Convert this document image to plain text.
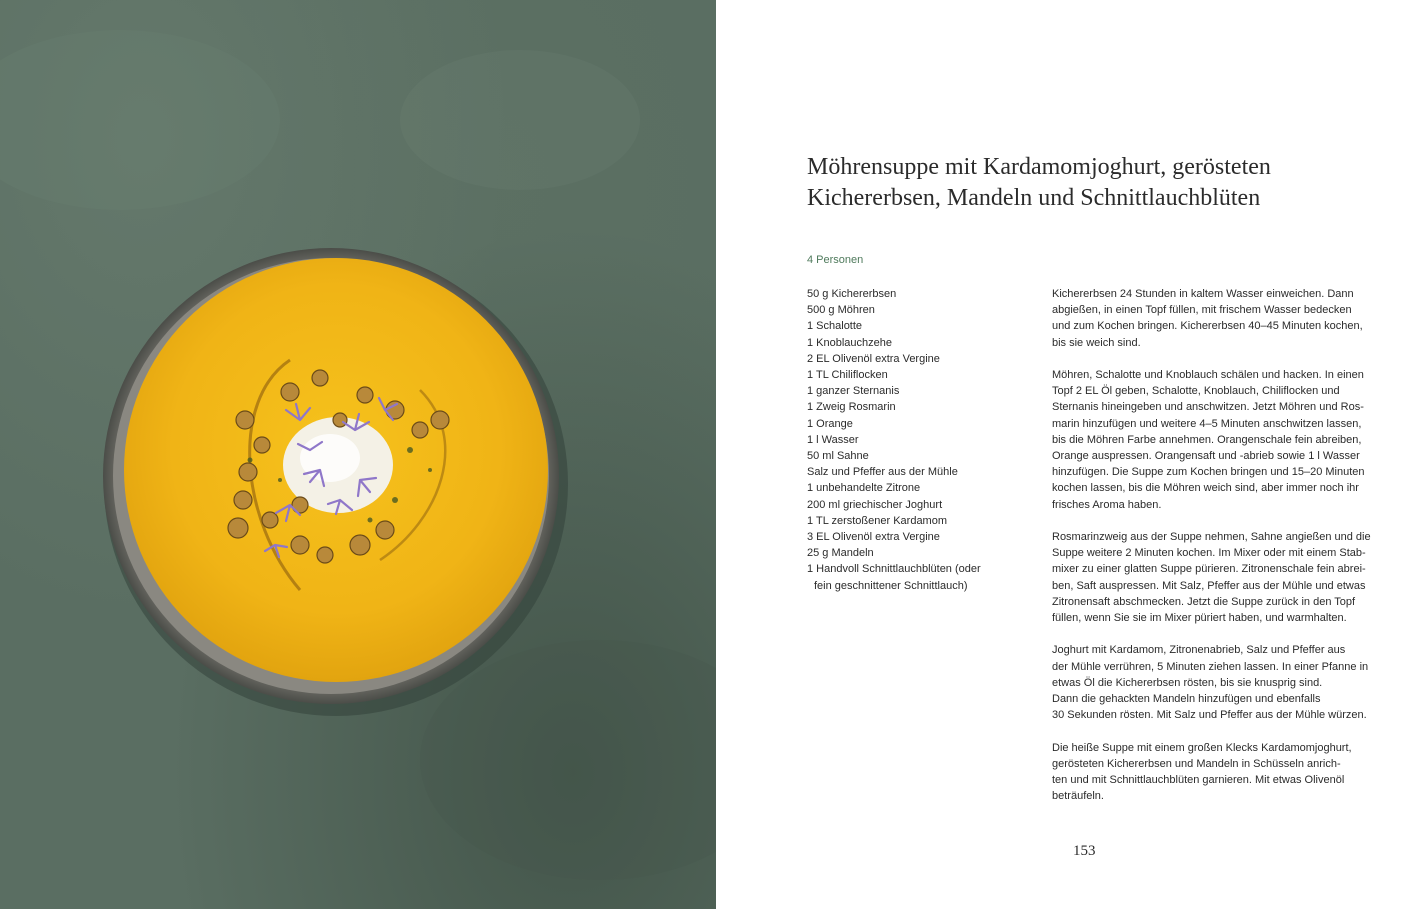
Möhrensuppe mit Kardamomjoghurt, gerösteten
Kichererbsen, Mandeln und Schnittlauchblüten
4 Personen
50 g Kichererbsen
500 g Möhren
1 Schalotte
1 Knoblauchzehe
2 EL Olivenöl extra Vergine
1 TL Chiliflocken
1 ganzer Sternanis
1 Zweig Rosmarin
1 Orange
1 l Wasser
50 ml Sahne
Salz und Pfeffer aus der Mühle
1 unbehandelte Zitrone
200 ml griechischer Joghurt
1 TL zerstoßener Kardamom
3 EL Olivenöl extra Vergine
25 g Mandeln
1 Handvoll Schnittlauchblüten (oder
fein geschnittener Schnittlauch)

Kichererbsen 24 Stunden in kaltem Wasser einweichen. Dann
abgießen, in einen Topf füllen, mit frischem Wasser bedecken
und zum Kochen bringen. Kichererbsen 40–45 Minuten kochen,
bis sie weich sind.

Möhren, Schalotte und Knoblauch schälen und hacken. In einen
Topf 2 EL Öl geben, Schalotte, Knoblauch, Chiliflocken und
Sternanis hineingeben und anschwitzen. Jetzt Möhren und Ros-
marin hinzufügen und weitere 4–5 Minuten anschwitzen lassen,
bis die Möhren Farbe annehmen. Orangenschale fein abreiben,
Orange auspressen. Orangensaft und -abrieb sowie 1 l Wasser
hinzufügen. Die Suppe zum Kochen bringen und 15–20 Minuten
kochen lassen, bis die Möhren weich sind, aber immer noch ihr
frisches Aroma haben.

Rosmarinzweig aus der Suppe nehmen, Sahne angießen und die
Suppe weitere 2 Minuten kochen. Im Mixer oder mit einem Stab-
mixer zu einer glatten Suppe pürieren. Zitronenschale fein abrei-
ben, Saft auspressen. Mit Salz, Pfeffer aus der Mühle und etwas
Zitronensaft abschmecken. Jetzt die Suppe zurück in den Topf
füllen, wenn Sie sie im Mixer püriert haben, und warmhalten.

Joghurt mit Kardamom, Zitronenabrieb, Salz und Pfeffer aus
der Mühle verrühren, 5 Minuten ziehen lassen. In einer Pfanne in
etwas Öl die Kichererbsen rösten, bis sie knusprig sind.
Dann die gehackten Mandeln hinzufügen und ebenfalls
30 Sekunden rösten. Mit Salz und Pfeffer aus der Mühle würzen.

Die heiße Suppe mit einem großen Klecks Kardamomjoghurt,
gerösteten Kichererbsen und Mandeln in Schüsseln anrich-
ten und mit Schnittlauchblüten garnieren. Mit etwas Olivenöl
beträufeln.

153
